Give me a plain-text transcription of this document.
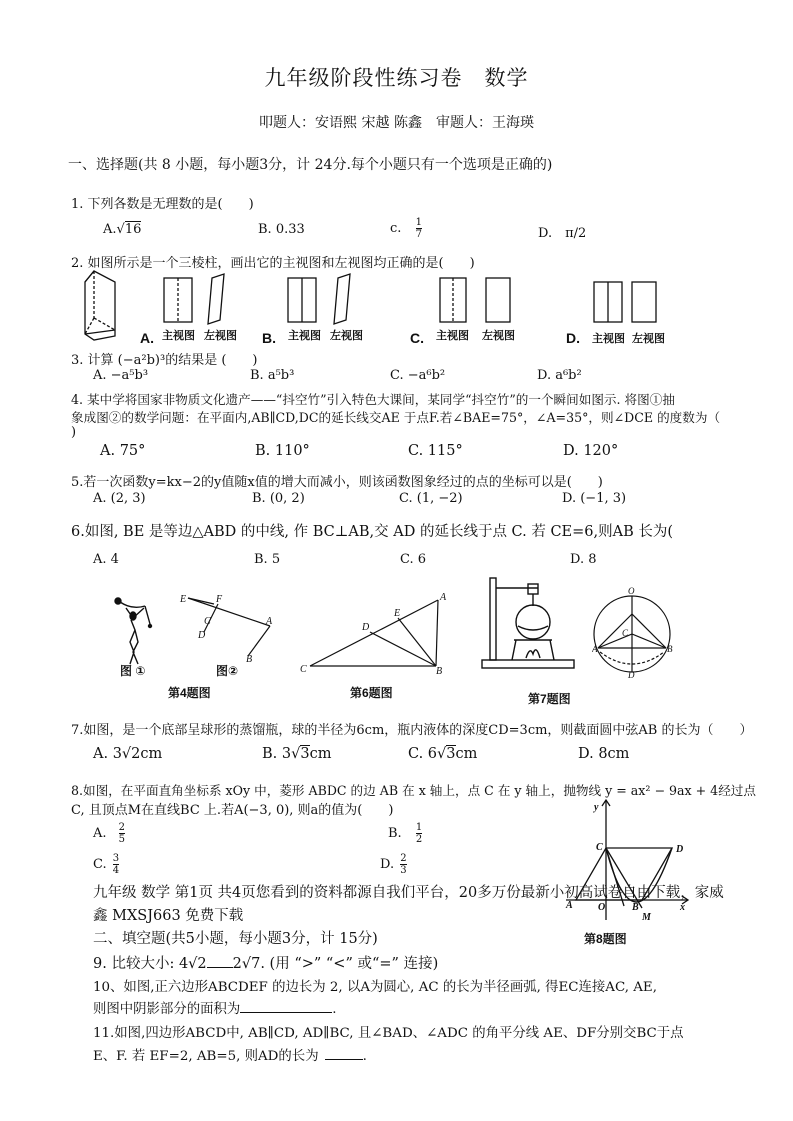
九年级阶段性练习卷　数学
叩题人：安语熙 宋越 陈鑫　审题人：王海瑛
一、选择题(共 8 小题，每小题3分，计 24分.每个小题只有一个选项是正确的)
1. 下列各数是无理数的是(　　)
A.√16	B. 0.33	c. $\frac{1}{7}$	D.　π/2
2. 如图所示是一个三棱柱，画出它的主视图和左视图均正确的是(　　)
A.	B.	C.	D.
主视图 左视图	主视图 左视图	主视图 左视图	主视图 左视图
3. 计算 (−a²b)³的结果是 (　　)
A. −a⁵b³	B. a⁵b³	C. −a⁶b²	D. a⁶b²
4. 某中学将国家非物质文化遗产——“抖空竹”引入特色大课间，某同学“抖空竹”的一个瞬间如图示. 将图①抽
象成图②的数学问题：在平面内,AB∥CD,DC的延长线交AE 于点F.若∠BAE=75°，∠A=35°，则∠DCE 的度数为（
)
A. 75°	B. 110°	C. 115°	D. 120°
5.若一次函数y=kx−2的y值随x值的增大而减小，则该函数图象经过的点的坐标可以是(　　)
A. (2, 3)	B. (0, 2)	C. (1, −2)	D. (−1, 3)
6.如图, BE 是等边△ABD 的中线, 作 BC⊥AB,交 AD 的延长线于点 C. 若 CE=6,则AB 长为(
A. 4	B. 5	C. 6	D. 8
E	F
C
D
A
B
图 ①	图②
第4题图
C
A
B
D
E
第6题图	第7题图
O
C
A	B
D
7.如图，是一个底部呈球形的蒸馏瓶，球的半径为6cm，瓶内液体的深度CD=3cm，则截面圆中弦AB 的长为（　　）
A. 3√2cm	B. 3√3cm	C. 6√3cm	D. 8cm
8.如图，在平面直角坐标系 xOy 中，菱形 ABDC 的边 AB 在 x 轴上，点 C 在 y 轴上，抛物线 y = ax² − 9ax + 4经过点
C, 且顶点M在直线BC 上.若A(−3, 0), 则a的值为(　　)
A. $\frac{2}{5}$	B. $\frac{1}{2}$
C. $\frac{3}{4}$	D. $\frac{2}{3}$
y
C	D
A	O	B
M
x
第8题图
九年级 数学 第1页 共4页您看到的资料都源自我们平台，20多万份最新小初高试卷自由下载，家威
鑫 MXSJ663 免费下载
二、填空题(共5小题，每小题3分，计 15分)
9. 比较大小: 4√2 2√7. (用 “>” “<” 或“=” 连接)
10、如图,正六边形ABCDEF 的边长为 2, 以A为圆心, AC 的长为半径画弧, 得EC连接AC, AE,
则图中阴影部分的面积为	.
11.如图,四边形ABCD中, AB∥CD, AD∥BC, 且∠BAD、∠ADC 的角平分线 AE、DF分别交BC于点
E、F. 若 EF=2, AB=5, 则AD的长为	.
